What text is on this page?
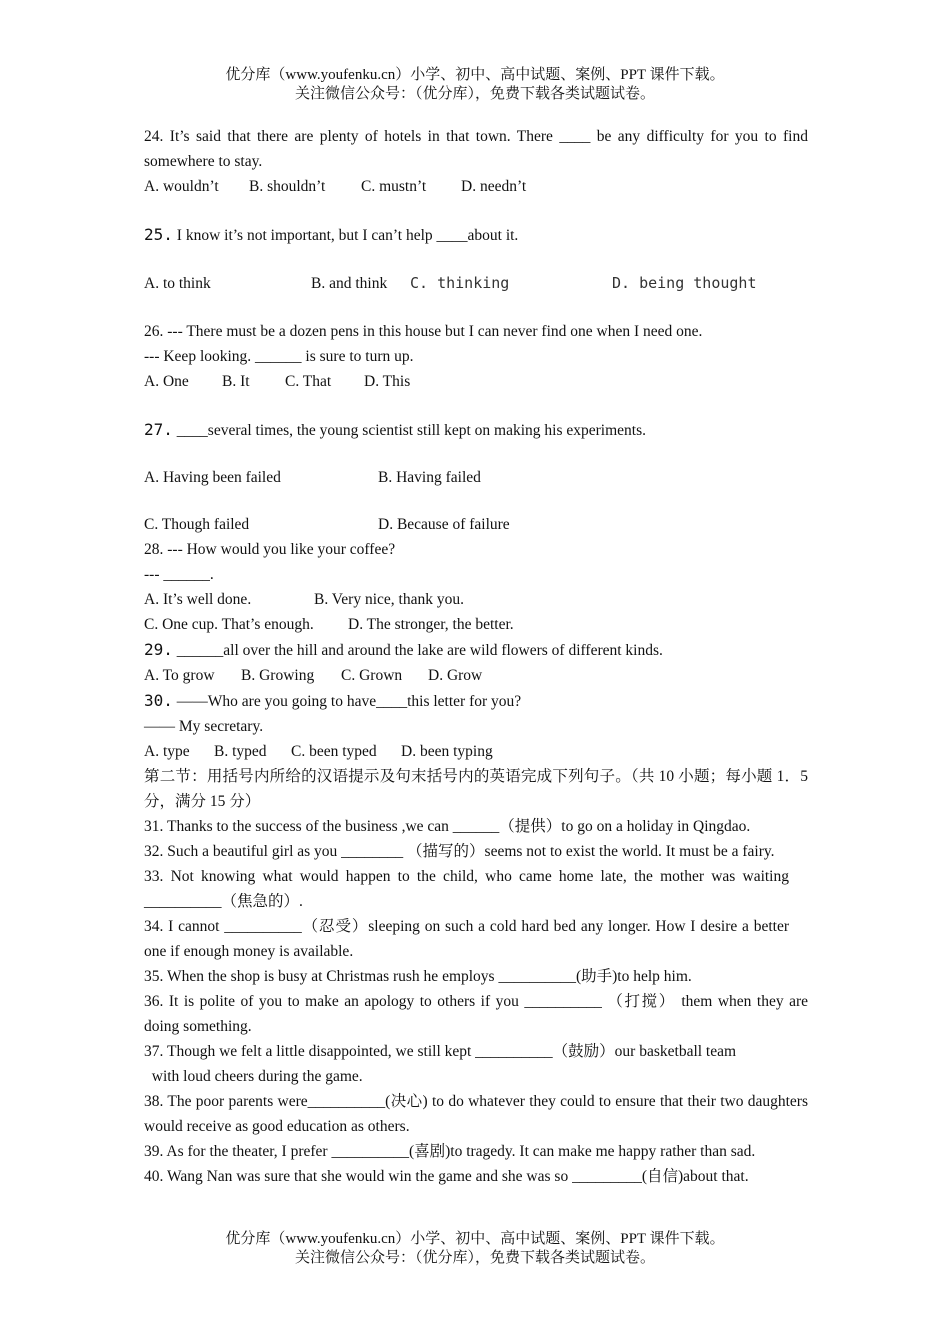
优分库（www.youfenku.cn）小学、初中、高中试题、案例、PPT 课件下载。
关注微信公众号：（优分库），免费下载各类试题试卷。
24. It’s said that there are plenty of hotels in that town. There ____ be any difficulty for you to find somewhere to stay.
A. wouldn’t B. shouldn’t C. mustn’t D. needn’t
25. I know it’s not important, but I can’t help ____about it.
A. to think	B. and think C. thinking	D. being thought
26. --- There must be a dozen pens in this house but I can never find one when I need one.
--- Keep looking. ______ is sure to turn up.
A. One B. It C. That D. This
27. ____several times, the young scientist still kept on making his experiments.
A. Having been failed	B. Having failed
C. Though failed	D. Because of failure
28. --- How would you like your coffee?
--- ______.
A. It’s well done.	B. Very nice, thank you.
C. One cup. That’s enough. D. The stronger, the better.
29. ______all over the hill and around the lake are wild flowers of different kinds.
A. To grow B. Growing C. Grown D. Grow
30. ——Who are you going to have____this letter for you?
—— My secretary.
A. type B. typed C. been typed D. been typing
第二节：用括号内所给的汉语提示及句末括号内的英语完成下列句子。（共 10 小题；每小题 1．5 分，满分 15 分）
31. Thanks to the success of the business ,we can ______（提供）to go on a holiday in Qingdao.
32. Such a beautiful girl as you ________ （描写的）seems not to exist the world. It must be a fairy.
33. Not knowing what would happen to the child, who came home late, the mother was waiting __________（焦急的）.
34. I cannot __________（忍受）sleeping on such a cold hard bed any longer. How I desire a better one if enough money is available.
35. When the shop is busy at Christmas rush he employs __________(助手)to help him.
36. It is polite of you to make an apology to others if you __________ （打搅） them when they are doing something.
37. Though we felt a little disappointed, we still kept __________（鼓励）our basketball team
with loud cheers during the game.
38. The poor parents were__________(决心) to do whatever they could to ensure that their two daughters would receive as good education as others.
39. As for the theater, I prefer __________(喜剧)to tragedy. It can make me happy rather than sad.
40. Wang Nan was sure that she would win the game and she was so _________(自信)about that.
优分库（www.youfenku.cn）小学、初中、高中试题、案例、PPT 课件下载。
关注微信公众号：（优分库），免费下载各类试题试卷。
